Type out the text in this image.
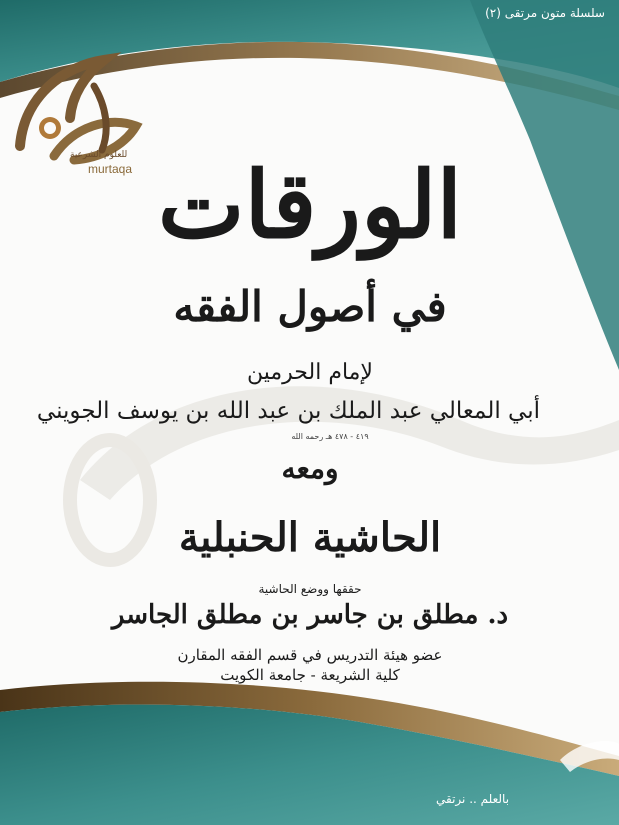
سلسلة متون مرتقى (٢)
للعلوم الشرعية
murtaqa الورقات
في أصول الفقه
لإمام الحرمين
أبي المعالي عبد الملك بن عبد الله بن يوسف الجويني
٤١٩ - ٤٧٨ هـ رحمه الله
ومعه
الحاشية الحنبلية
حققها ووضع الحاشية
د. مطلق بن جاسر بن مطلق الجاسر
عضو هيئة التدريس في قسم الفقه المقارن
كلية الشريعة - جامعة الكويت
بالعلم .. نرتقي
